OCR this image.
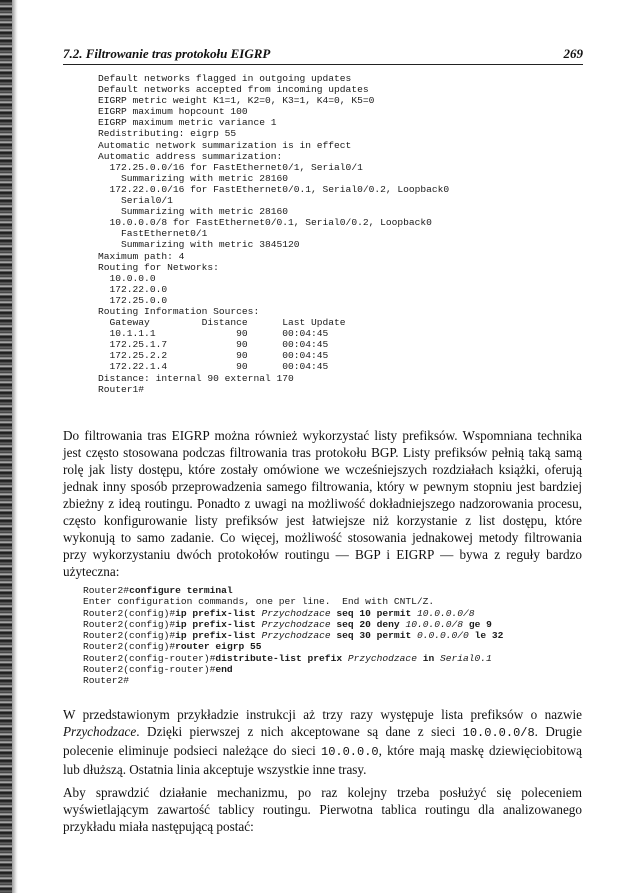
7.2. Filtrowanie tras protokołu EIGRP	269
Default networks flagged in outgoing updates
Default networks accepted from incoming updates
EIGRP metric weight K1=1, K2=0, K3=1, K4=0, K5=0
EIGRP maximum hopcount 100
EIGRP maximum metric variance 1
Redistributing: eigrp 55
Automatic network summarization is in effect
Automatic address summarization:
172.25.0.0/16 for FastEthernet0/1, Serial0/1
Summarizing with metric 28160
172.22.0.0/16 for FastEthernet0/0.1, Serial0/0.2, Loopback0
Serial0/1
Summarizing with metric 28160
10.0.0.0/8 for FastEthernet0/0.1, Serial0/0.2, Loopback0
FastEthernet0/1
Summarizing with metric 3845120
Maximum path: 4
Routing for Networks:
10.0.0.0
172.22.0.0
172.25.0.0
Routing Information Sources:
Gateway         Distance      Last Update
10.1.1.1              90      00:04:45
172.25.1.7            90      00:04:45
172.25.2.2            90      00:04:45
172.22.1.4            90      00:04:45
Distance: internal 90 external 170
Router1#

Do filtrowania tras EIGRP można również wykorzystać listy prefiksów. Wspomniana technika jest często stosowana podczas filtrowania tras protokołu BGP. Listy prefiksów pełnią taką samą rolę jak listy dostępu, które zostały omówione we wcześniejszych rozdziałach książki, oferują jednak inny sposób przeprowadzenia samego filtrowania, który w pewnym stopniu jest bardziej zbieżny z ideą routingu. Ponadto z uwagi na możliwość dokładniejszego nadzorowania procesu, często konfigurowanie listy prefiksów jest łatwiejsze niż korzystanie z list dostępu, które wykonują to samo zadanie. Co więcej, możliwość stosowania jednakowej metody filtrowania przy wykorzystaniu dwóch protokołów routingu — BGP i EIGRP — bywa z reguły bardzo użyteczna:

Router2#configure terminal
Enter configuration commands, one per line.  End with CNTL/Z.
Router2(config)#ip prefix-list Przychodzace seq 10 permit 10.0.0.0/8
Router2(config)#ip prefix-list Przychodzace seq 20 deny 10.0.0.0/8 ge 9
Router2(config)#ip prefix-list Przychodzace seq 30 permit 0.0.0.0/0 le 32
Router2(config)#router eigrp 55
Router2(config-router)#distribute-list prefix Przychodzace in Serial0.1
Router2(config-router)#end
Router2#

W przedstawionym przykładzie instrukcji aż trzy razy występuje lista prefiksów o nazwie Przychodzace. Dzięki pierwszej z nich akceptowane są dane z sieci 10.0.0.0/8. Drugie polecenie eliminuje podsieci należące do sieci 10.0.0.0, które mają maskę dziewięciobitową lub dłuższą. Ostatnia linia akceptuje wszystkie inne trasy.

Aby sprawdzić działanie mechanizmu, po raz kolejny trzeba posłużyć się poleceniem wyświetlającym zawartość tablicy routingu. Pierwotna tablica routingu dla analizowanego przykładu miała następującą postać:
